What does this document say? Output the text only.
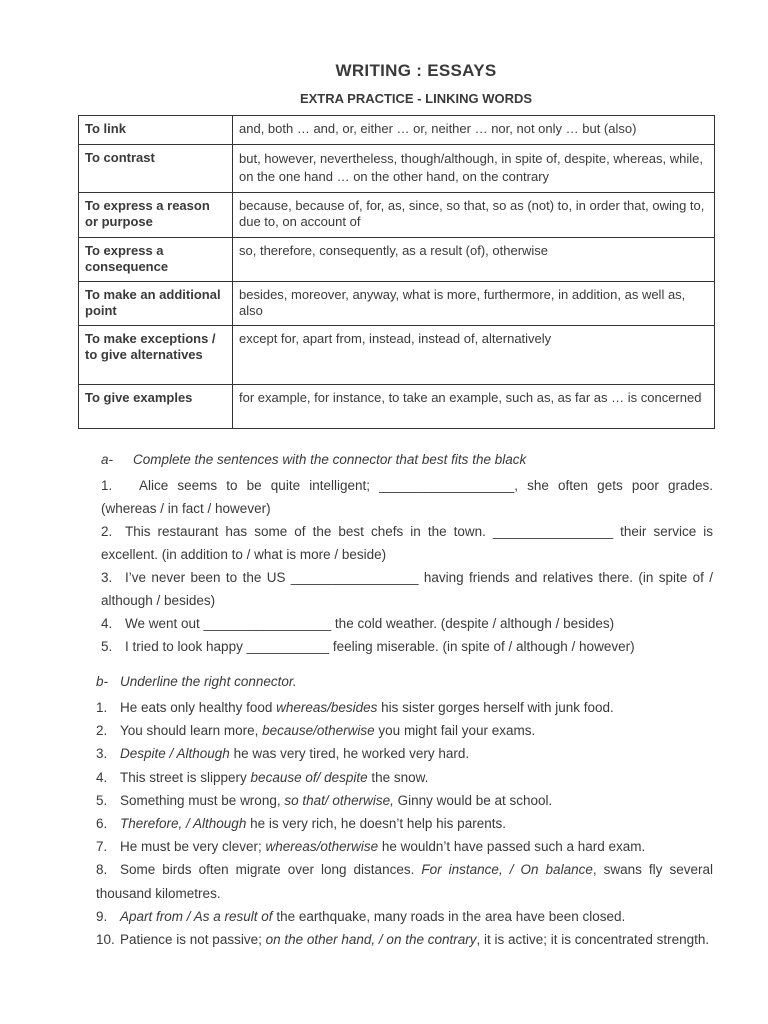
WRITING : ESSAYS
EXTRA PRACTICE - LINKING WORDS
To link	and, both … and, or, either … or, neither … nor, not only … but (also)
To contrast	but, however, nevertheless, though/although, in spite of, despite, whereas, while, on the one hand … on the other hand, on the contrary
To express a reason or purpose	because, because of, for, as, since, so that, so as (not) to, in order that, owing to, due to, on account of
To express a consequence	so, therefore, consequently, as a result (of), otherwise
To make an additional point	besides, moreover, anyway, what is more, furthermore, in addition, as well as, also
To make exceptions / to give alternatives	except for, apart from, instead, instead of, alternatively
To give examples	for example, for instance, to take an example, such as, as far as … is concerned
a- Complete the sentences with the connector that best fits the black
1. Alice seems to be quite intelligent; __________________, she often gets poor grades. (whereas / in fact / however)
2. This restaurant has some of the best chefs in the town. ________________ their service is excellent. (in addition to / what is more / beside)
3. I’ve never been to the US _________________ having friends and relatives there. (in spite of / although / besides)
4. We went out _________________ the cold weather. (despite / although / besides)
5. I tried to look happy ___________ feeling miserable. (in spite of / although / however)
b- Underline the right connector.
1. He eats only healthy food whereas/besides his sister gorges herself with junk food.
2. You should learn more, because/otherwise you might fail your exams.
3. Despite / Although he was very tired, he worked very hard.
4. This street is slippery because of/ despite the snow.
5. Something must be wrong, so that/ otherwise, Ginny would be at school.
6. Therefore, / Although he is very rich, he doesn’t help his parents.
7. He must be very clever; whereas/otherwise he wouldn’t have passed such a hard exam.
8. Some birds often migrate over long distances. For instance, / On balance, swans fly several thousand kilometres.
9. Apart from / As a result of the earthquake, many roads in the area have been closed.
10. Patience is not passive; on the other hand, / on the contrary, it is active; it is concentrated strength.
